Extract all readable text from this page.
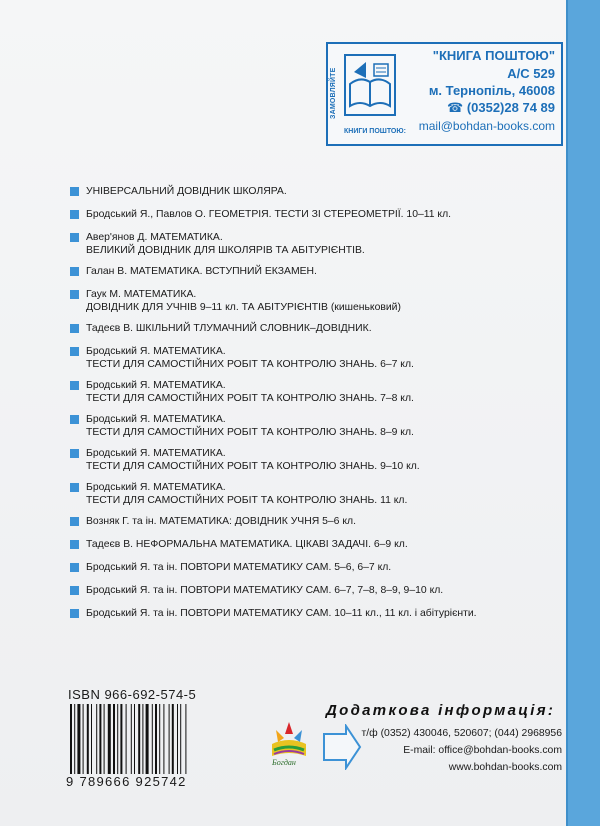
ЗАМОВЛЯЙТЕ
КНИГИ ПОШТОЮ:
"КНИГА ПОШТОЮ"
А/С 529
м. Тернопіль, 46008
☎ (0352)28 74 89
mail@bohdan-books.com
УНІВЕРСАЛЬНИЙ ДОВІДНИК ШКОЛЯРА.
Бродський Я., Павлов О. ГЕОМЕТРІЯ. ТЕСТИ ЗІ СТЕРЕОМЕТРІЇ. 10–11 кл.
Авер'янов Д. МАТЕМАТИКА.
ВЕЛИКИЙ ДОВІДНИК ДЛЯ ШКОЛЯРІВ ТА АБІТУРІЄНТІВ.
Галан В. МАТЕМАТИКА. ВСТУПНИЙ ЕКЗАМЕН.
Гаук М. МАТЕМАТИКА.
ДОВІДНИК ДЛЯ УЧНІВ 9–11 кл. ТА АБІТУРІЄНТІВ (кишеньковий)
Тадеєв В. ШКІЛЬНИЙ ТЛУМАЧНИЙ СЛОВНИК–ДОВІДНИК.
Бродський Я. МАТЕМАТИКА.
ТЕСТИ ДЛЯ САМОСТІЙНИХ РОБІТ ТА КОНТРОЛЮ ЗНАНЬ. 6–7 кл.
Бродський Я. МАТЕМАТИКА.
ТЕСТИ ДЛЯ САМОСТІЙНИХ РОБІТ ТА КОНТРОЛЮ ЗНАНЬ. 7–8 кл.
Бродський Я. МАТЕМАТИКА.
ТЕСТИ ДЛЯ САМОСТІЙНИХ РОБІТ ТА КОНТРОЛЮ ЗНАНЬ. 8–9 кл.
Бродський Я. МАТЕМАТИКА.
ТЕСТИ ДЛЯ САМОСТІЙНИХ РОБІТ ТА КОНТРОЛЮ ЗНАНЬ. 9–10 кл.
Бродський Я. МАТЕМАТИКА.
ТЕСТИ ДЛЯ САМОСТІЙНИХ РОБІТ ТА КОНТРОЛЮ ЗНАНЬ. 11 кл.
Возняк Г. та ін. МАТЕМАТИКА: ДОВІДНИК УЧНЯ 5–6 кл.
Тадеєв В. НЕФОРМАЛЬНА МАТЕМАТИКА. ЦІКАВІ ЗАДАЧІ. 6–9 кл.
Бродський Я. та ін. ПОВТОРИ МАТЕМАТИКУ САМ. 5–6, 6–7 кл.
Бродський Я. та ін. ПОВТОРИ МАТЕМАТИКУ САМ. 6–7, 7–8, 8–9, 9–10 кл.
Бродський Я. та ін. ПОВТОРИ МАТЕМАТИКУ САМ. 10–11 кл., 11 кл. і абітурієнти.
ISBN 966-692-574-5
9 789666 925742
Богдан
Додаткова інформація:
т/ф (0352) 430046, 520607; (044) 2968956
E-mail: office@bohdan-books.com
www.bohdan-books.com
